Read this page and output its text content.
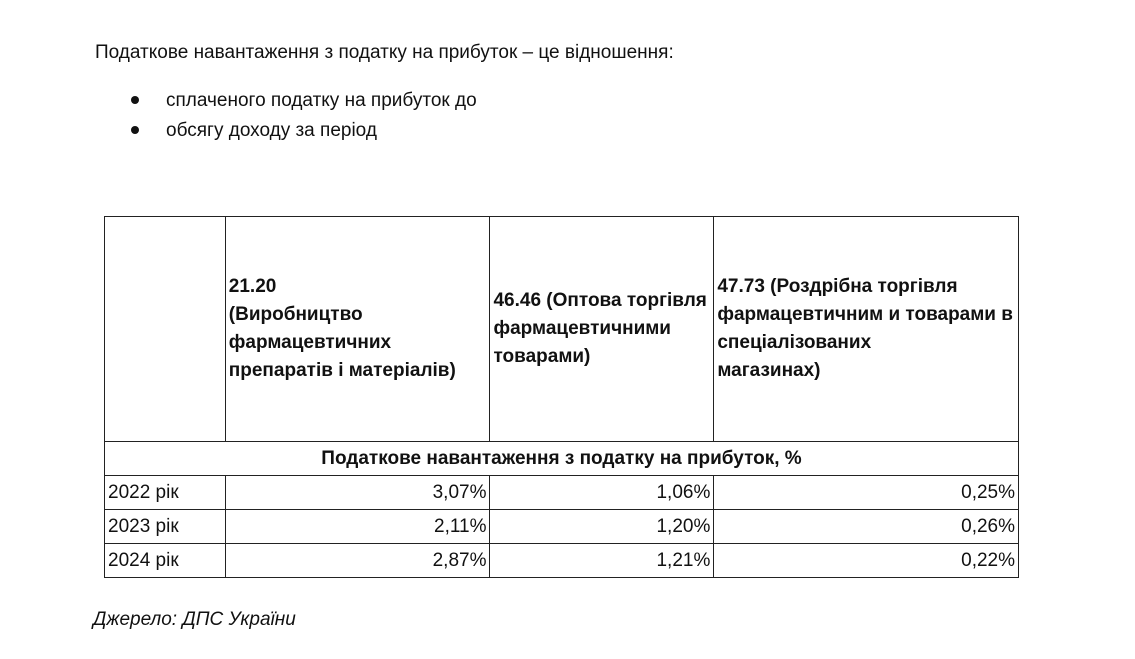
Податкове навантаження з податку на прибуток – це відношення:

сплаченого податку на прибуток до
обсягу доходу за період
	21.20
(Виробництво
фармацевтичних
препаратів і матеріалів)	46.46 (Оптова торгівля
фармацевтичними
товарами)	47.73 (Роздрібна торгівля
фармацевтичним и товарами в
спеціалізованих
магазинах)
Податкове навантаження з податку на прибуток, %			
2022 рік	3,07%	1,06%	0,25%
2023 рік	2,11%	1,20%	0,26%
2024 рік	2,87%	1,21%	0,22%

Джерело: ДПС України
